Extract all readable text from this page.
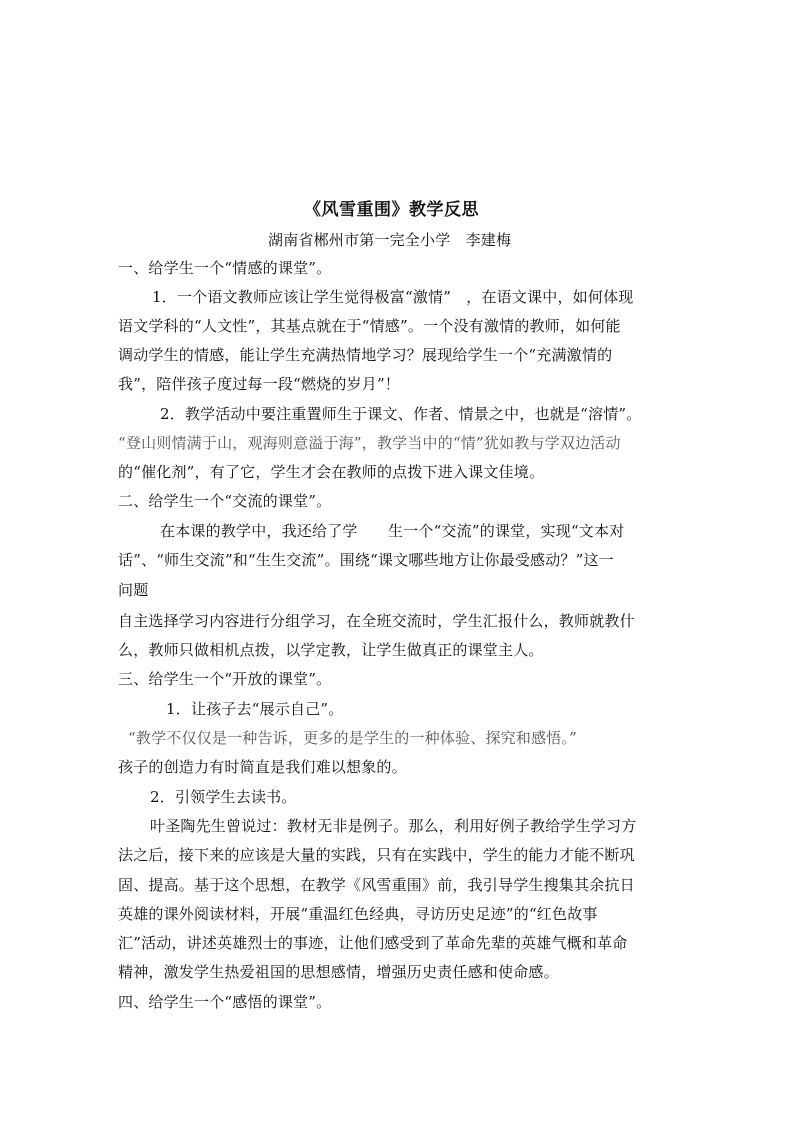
《风雪重围》教学反思
湖南省郴州市第一完全小学　李建梅
一、给学生一个“情感的课堂”。
1．一个语文教师应该让学生觉得极富“激情”　，在语文课中，如何体现
语文学科的“人文性”，其基点就在于“情感”。一个没有激情的教师，如何能
调动学生的情感，能让学生充满热情地学习？展现给学生一个“充满激情的
我”，陪伴孩子度过每一段“燃烧的岁月”！
2．教学活动中要注重置师生于课文、作者、情景之中，也就是“溶情”。
“登山则情满于山，观海则意溢于海”，教学当中的“情”犹如教与学双边活动
的“催化剂”，有了它，学生才会在教师的点拨下进入课文佳境。
二、给学生一个“交流的课堂”。
在本课的教学中，我还给了学　　生一个“交流”的课堂，实现“文本对
话”、“师生交流”和“生生交流”。围绕“课文哪些地方让你最受感动？”这一
问题
自主选择学习内容进行分组学习，在全班交流时，学生汇报什么，教师就教什
么，教师只做相机点拨，以学定教，让学生做真正的课堂主人。
三、给学生一个“开放的课堂”。
1．让孩子去“展示自己”。
“教学不仅仅是一种告诉，更多的是学生的一种体验、探究和感悟。”
孩子的创造力有时简直是我们难以想象的。
2．引领学生去读书。
叶圣陶先生曾说过：教材无非是例子。那么，利用好例子教给学生学习方
法之后，接下来的应该是大量的实践，只有在实践中，学生的能力才能不断巩
固、提高。基于这个思想，在教学《风雪重围》前，我引导学生搜集其余抗日
英雄的课外阅读材料，开展“重温红色经典，寻访历史足迹”的“红色故事
汇”活动，讲述英雄烈士的事迹，让他们感受到了革命先辈的英雄气概和革命
精神，激发学生热爱祖国的思想感情，增强历史责任感和使命感。
四、给学生一个“感悟的课堂”。
